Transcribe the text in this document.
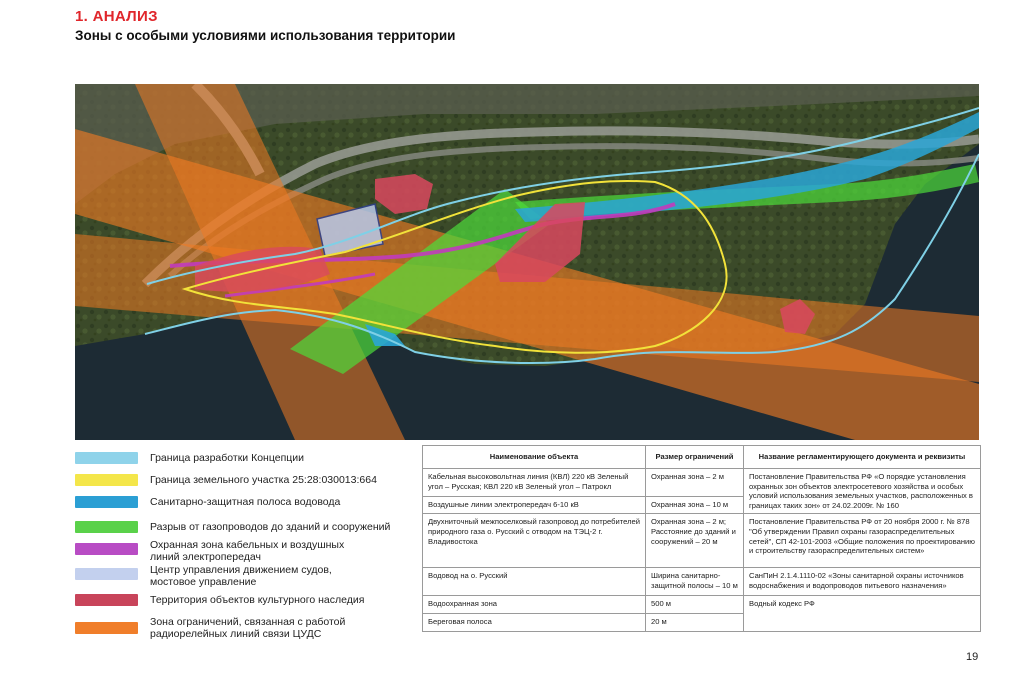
1. АНАЛИЗ
Зоны с особыми условиями использования территории
Граница разработки Концепции
Граница земельного участка 25:28:030013:664
Санитарно-защитная полоса водовода
Разрыв от газопроводов до зданий и сооружений
Охранная зона кабельных и воздушных линий электропередач
Центр управления движением судов, мостовое управление
Территория объектов культурного наследия
Зона ограничений, связанная с работой радиорелейных линий связи ЦУДС
Наименование объекта	Размер ограничений	Название регламентирующего документа и реквизиты
Кабельная высоковольтная линия (КВЛ) 220 кВ Зеленый угол – Русская; КВЛ 220 кВ Зеленый угол – Патрокл	Охранная зона – 2 м	Постановление Правительства РФ «О порядке установления охранных зон объектов электросетевого хозяйства и особых условий использования земельных участков, расположенных в границах таких зон» от 24.02.2009г. № 160
Воздушные линии электропередач 6-10 кВ	Охранная зона – 10 м	
Двухниточный межпоселковый газопровод до потребителей природного газа о. Русский с отводом на ТЭЦ-2 г. Владивостока	Охранная зона – 2 м; Расстояние до зданий и сооружений – 20 м	Постановление Правительства РФ от 20 ноября 2000 г. № 878 "Об утверждении Правил охраны газораспределительных сетей", СП 42-101-2003 «Общие положения по проектированию и строительству газораспределительных систем»
Водовод на о. Русский	Ширина санитарно-защитной полосы – 10 м	СанПиН 2.1.4.1110-02 «Зоны санитарной охраны источников водоснабжения и водопроводов питьевого назначения»
Водоохранная зона	500 м	Водный кодекс РФ
Береговая полоса	20 м	
19
